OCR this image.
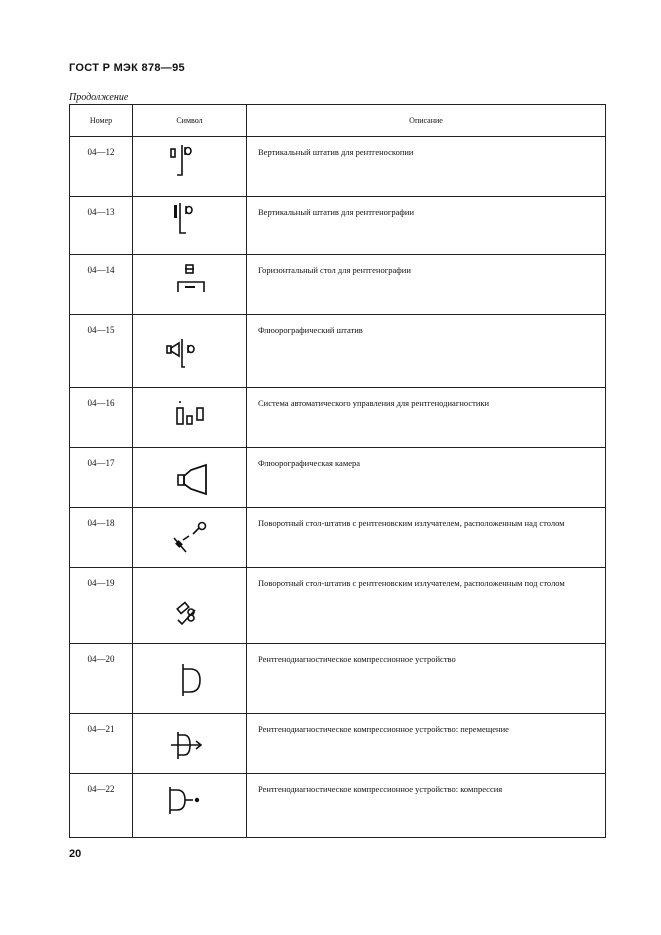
ГОСТ Р МЭК 878—95
Продолжение
Номер	Символ	Описание
04—12		Вертикальный штатив для рентгеноскопии
04—13		Вертикальный штатив для рентгенографии
04—14		Горизонтальный стол для рентгенографии
04—15		Флюорографический штатив
04—16		Система автоматического управления для рентгенодиагностики
04—17		Флюорографическая камера
04—18		Поворотный стол-штатив с рентгеновским излучателем, расположенным над столом
04—19		Поворотный стол-штатив с рентгеновским излучателем, расположенным под столом
04—20		Рентгенодиагностическое компрессионное устройство
04—21		Рентгенодиагностическое компрессионное устройство: перемещение
04—22		Рентгенодиагностическое компрессионное устройство: компрессия
20
